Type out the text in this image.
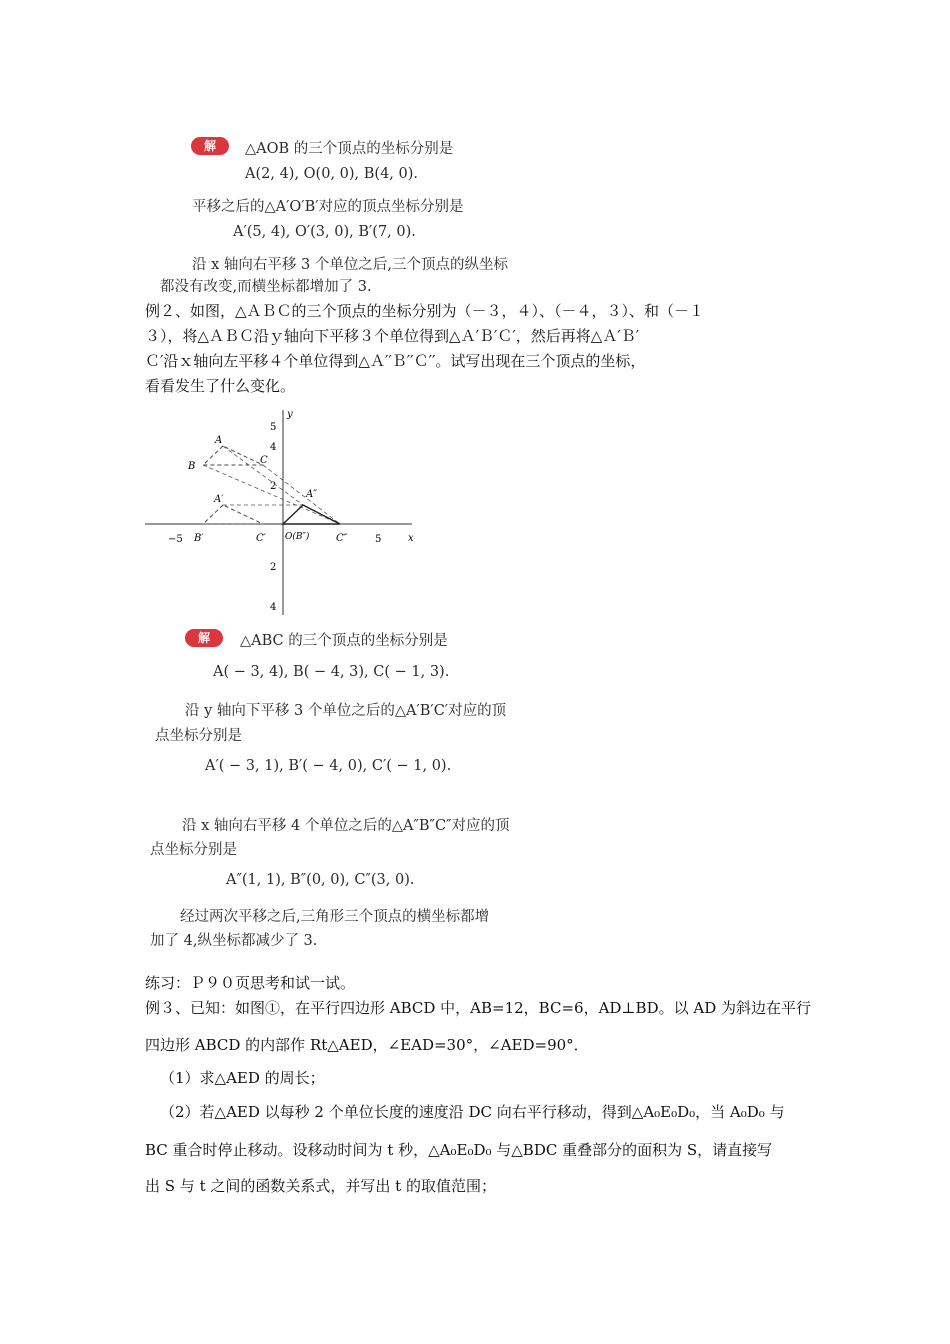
解	△AOB 的三个顶点的坐标分别是
A(2, 4), O(0, 0), B(4, 0).
平移之后的△A′O′B′对应的顶点坐标分别是
A′(5, 4), O′(3, 0), B′(7, 0).
沿 x 轴向右平移 3 个单位之后,三个顶点的纵坐标
都没有改变,而横坐标都增加了 3.
例２、如图，△ＡＢＣ的三个顶点的坐标分别为（－３，４）、（－４，３）、和（－１
３），将△ＡＢＣ沿ｙ轴向下平移３个单位得到△Ａ′Ｂ′Ｃ′，然后再将△Ａ′Ｂ′
Ｃ′沿ｘ轴向左平移４个单位得到△Ａ′′Ｂ′′Ｃ′′。试写出现在三个顶点的坐标，
看看发生了什么变化。
x
y
5
4
2
2
4
−5	5
A
B
C
A′
B′	C′
A″
O(B″)	C″
解	△ABC 的三个顶点的坐标分别是
A( − 3, 4), B( − 4, 3), C( − 1, 3).
沿 y 轴向下平移 3 个单位之后的△A′B′C′对应的顶
点坐标分别是
A′( − 3, 1), B′( − 4, 0), C′( − 1, 0).
沿 x 轴向右平移 4 个单位之后的△A″B″C″对应的顶
点坐标分别是
A″(1, 1), B″(0, 0), C″(3, 0).
经过两次平移之后,三角形三个顶点的横坐标都增
加了 4,纵坐标都减少了 3.
练习：Ｐ９０页思考和试一试。
例３、已知：如图①，在平行四边形 ABCD 中，AB=12，BC=6，AD⊥BD。以 AD 为斜边在平行
四边形 ABCD 的内部作 Rt△AED，∠EAD=30°，∠AED=90°．
（1）求△AED 的周长；
（2）若△AED 以每秒 2 个单位长度的速度沿 DC 向右平行移动，得到△A₀E₀D₀，当 A₀D₀ 与
BC 重合时停止移动。设移动时间为 t 秒，△A₀E₀D₀ 与△BDC 重叠部分的面积为 S，请直接写
出 S 与 t 之间的函数关系式，并写出 t 的取值范围；
